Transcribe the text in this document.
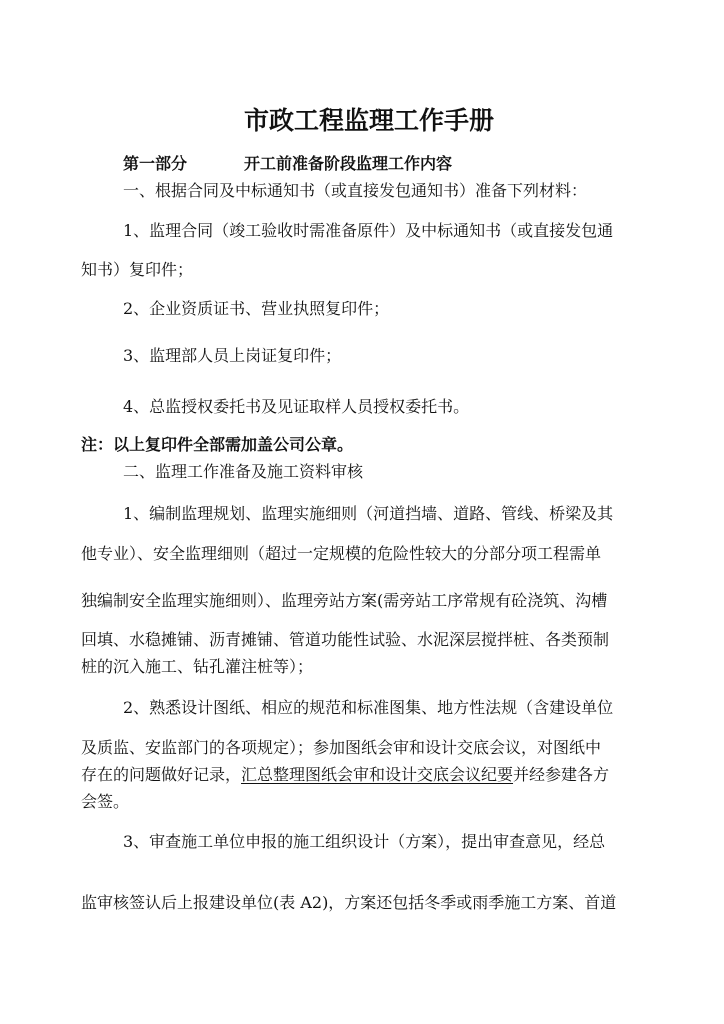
市政工程监理工作手册
第一部分	开工前准备阶段监理工作内容
一、根据合同及中标通知书（或直接发包通知书）准备下列材料：
1、监理合同（竣工验收时需准备原件）及中标通知书（或直接发包通
知书）复印件；
2、企业资质证书、营业执照复印件；
3、监理部人员上岗证复印件；
4、总监授权委托书及见证取样人员授权委托书。
注：以上复印件全部需加盖公司公章。
二、监理工作准备及施工资料审核
1、编制监理规划、监理实施细则（河道挡墙、道路、管线、桥梁及其
他专业）、安全监理细则（超过一定规模的危险性较大的分部分项工程需单
独编制安全监理实施细则）、监理旁站方案(需旁站工序常规有砼浇筑、沟槽
回填、水稳摊铺、沥青摊铺、管道功能性试验、水泥深层搅拌桩、各类预制
桩的沉入施工、钻孔灌注桩等）；
2、熟悉设计图纸、相应的规范和标准图集、地方性法规（含建设单位
及质监、安监部门的各项规定）；参加图纸会审和设计交底会议，对图纸中
存在的问题做好记录，汇总整理图纸会审和设计交底会议纪要并经参建各方
会签。
3、审查施工单位申报的施工组织设计（方案），提出审查意见，经总
监审核签认后上报建设单位(表 A2)，方案还包括冬季或雨季施工方案、首道
